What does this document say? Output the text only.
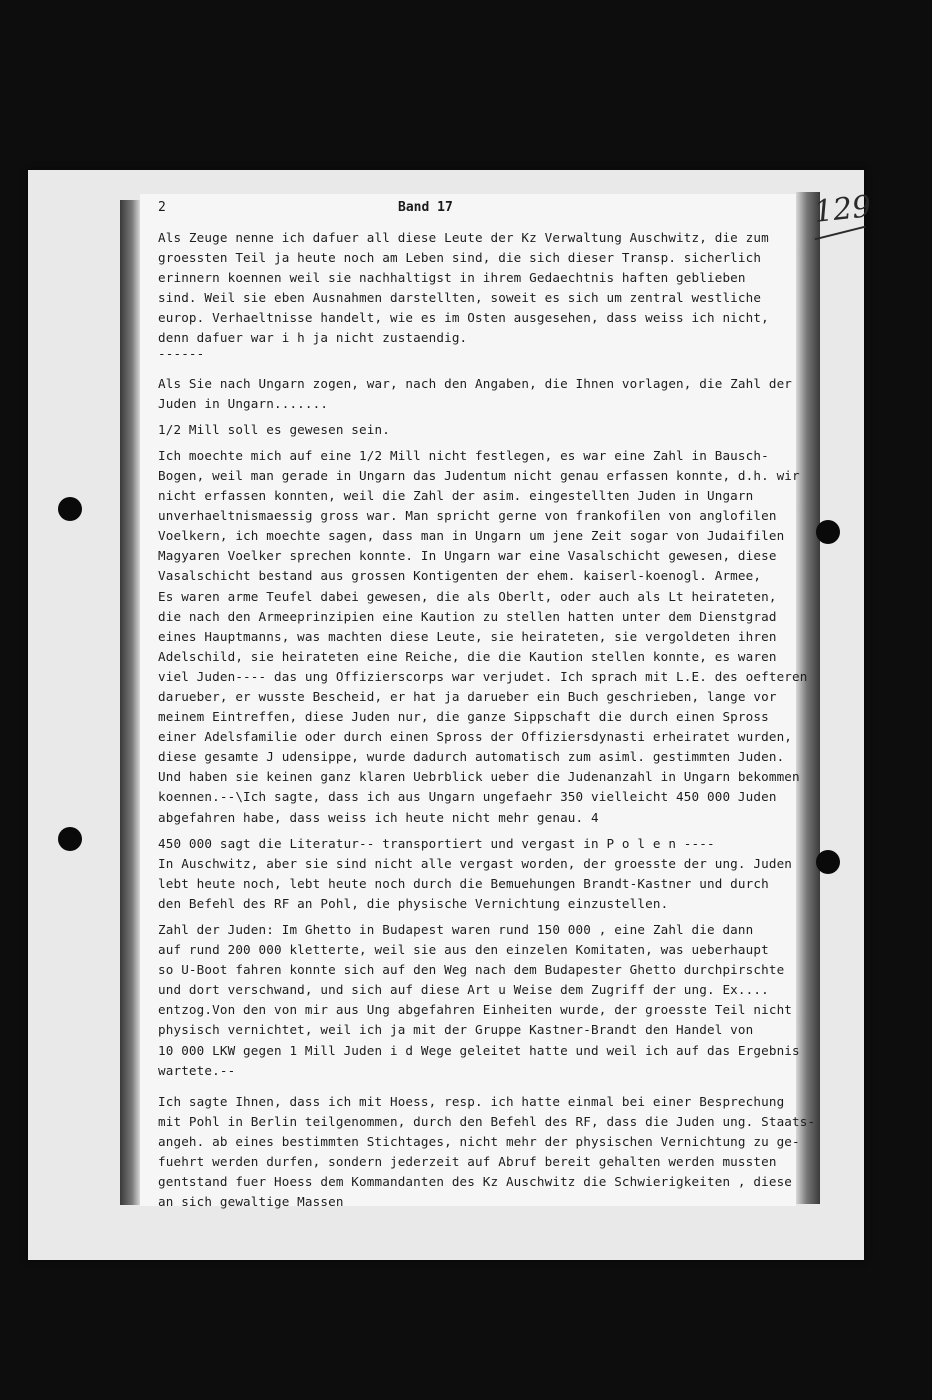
129
2	Band 17
Als Zeuge nenne ich dafuer all diese Leute der Kz Verwaltung Auschwitz, die zum
groessten Teil ja heute noch am Leben sind, die sich dieser Transp. sicherlich
erinnern koennen weil sie nachhaltigst in ihrem Gedaechtnis haften geblieben
sind. Weil sie eben Ausnahmen darstellten, soweit es sich um zentral westliche
europ. Verhaeltnisse handelt, wie es im Osten ausgesehen, dass weiss ich nicht,
denn dafuer war i h ja nicht zustaendig.
------
Als Sie nach Ungarn zogen, war, nach den Angaben, die Ihnen vorlagen, die Zahl der
Juden in Ungarn.......
1/2 Mill soll es gewesen sein.
Ich moechte mich auf eine 1/2 Mill nicht festlegen, es war eine Zahl in Bausch-
Bogen, weil man gerade in Ungarn das Judentum nicht genau erfassen konnte, d.h. wir
nicht erfassen konnten, weil die Zahl der asim. eingestellten Juden in Ungarn
unverhaeltnismaessig gross war. Man spricht gerne von frankofilen von anglofilen
Voelkern, ich moechte sagen, dass man in Ungarn um jene Zeit sogar von Judaifilen
Magyaren Voelker sprechen konnte. In Ungarn war eine Vasalschicht gewesen, diese
Vasalschicht bestand aus grossen Kontigenten der ehem. kaiserl-koenogl. Armee,
Es waren arme Teufel dabei gewesen, die als Oberlt, oder auch als Lt heirateten,
die nach den Armeeprinzipien eine Kaution zu stellen hatten unter dem Dienstgrad
eines Hauptmanns, was machten diese Leute, sie heirateten, sie vergoldeten ihren
Adelschild, sie heirateten eine Reiche, die die Kaution stellen konnte, es waren
viel Juden---- das ung Offizierscorps war verjudet. Ich sprach mit L.E. des oefteren
darueber, er wusste Bescheid, er hat ja darueber ein Buch geschrieben, lange vor
meinem Eintreffen, diese Juden nur, die ganze Sippschaft die durch einen Spross
einer Adelsfamilie oder durch einen Spross der Offiziersdynasti erheiratet wurden,
diese gesamte J udensippe, wurde dadurch automatisch zum asiml. gestimmten Juden.
Und haben sie keinen ganz klaren Uebrblick ueber die Judenanzahl in Ungarn bekommen
koennen.--\Ich sagte, dass ich aus Ungarn ungefaehr 350 vielleicht 450 000 Juden
abgefahren habe, dass weiss ich heute nicht mehr genau. 4
450 000 sagt die Literatur-- transportiert und vergast in P o l e n ----
In Auschwitz, aber sie sind nicht alle vergast worden, der groesste der ung. Juden
lebt heute noch, lebt heute noch durch die Bemuehungen Brandt-Kastner und durch
den Befehl des RF an Pohl, die physische Vernichtung einzustellen.
Zahl der Juden: Im Ghetto in Budapest waren rund 150 000 , eine Zahl die dann
auf rund 200 000 kletterte, weil sie aus den einzelen Komitaten, was ueberhaupt
so U-Boot fahren konnte sich auf den Weg nach dem Budapester Ghetto durchpirschte
und dort verschwand, und sich auf diese Art u Weise dem Zugriff der ung. Ex....
entzog.Von den von mir aus Ung abgefahren Einheiten wurde, der groesste Teil nicht
physisch vernichtet, weil ich ja mit der Gruppe Kastner-Brandt den Handel von
10 000 LKW gegen 1 Mill Juden i d Wege geleitet hatte und weil ich auf das Ergebnis
wartete.--
Ich sagte Ihnen, dass ich mit Hoess, resp. ich hatte einmal bei einer Besprechung
mit Pohl in Berlin teilgenommen, durch den Befehl des RF, dass die Juden ung. Staats-
angeh. ab eines bestimmten Stichtages, nicht mehr der physischen Vernichtung zu ge-
fuehrt werden durfen, sondern jederzeit auf Abruf bereit gehalten werden mussten
gentstand fuer Hoess dem Kommandanten des Kz Auschwitz die Schwierigkeiten , diese
an sich gewaltige Massen
